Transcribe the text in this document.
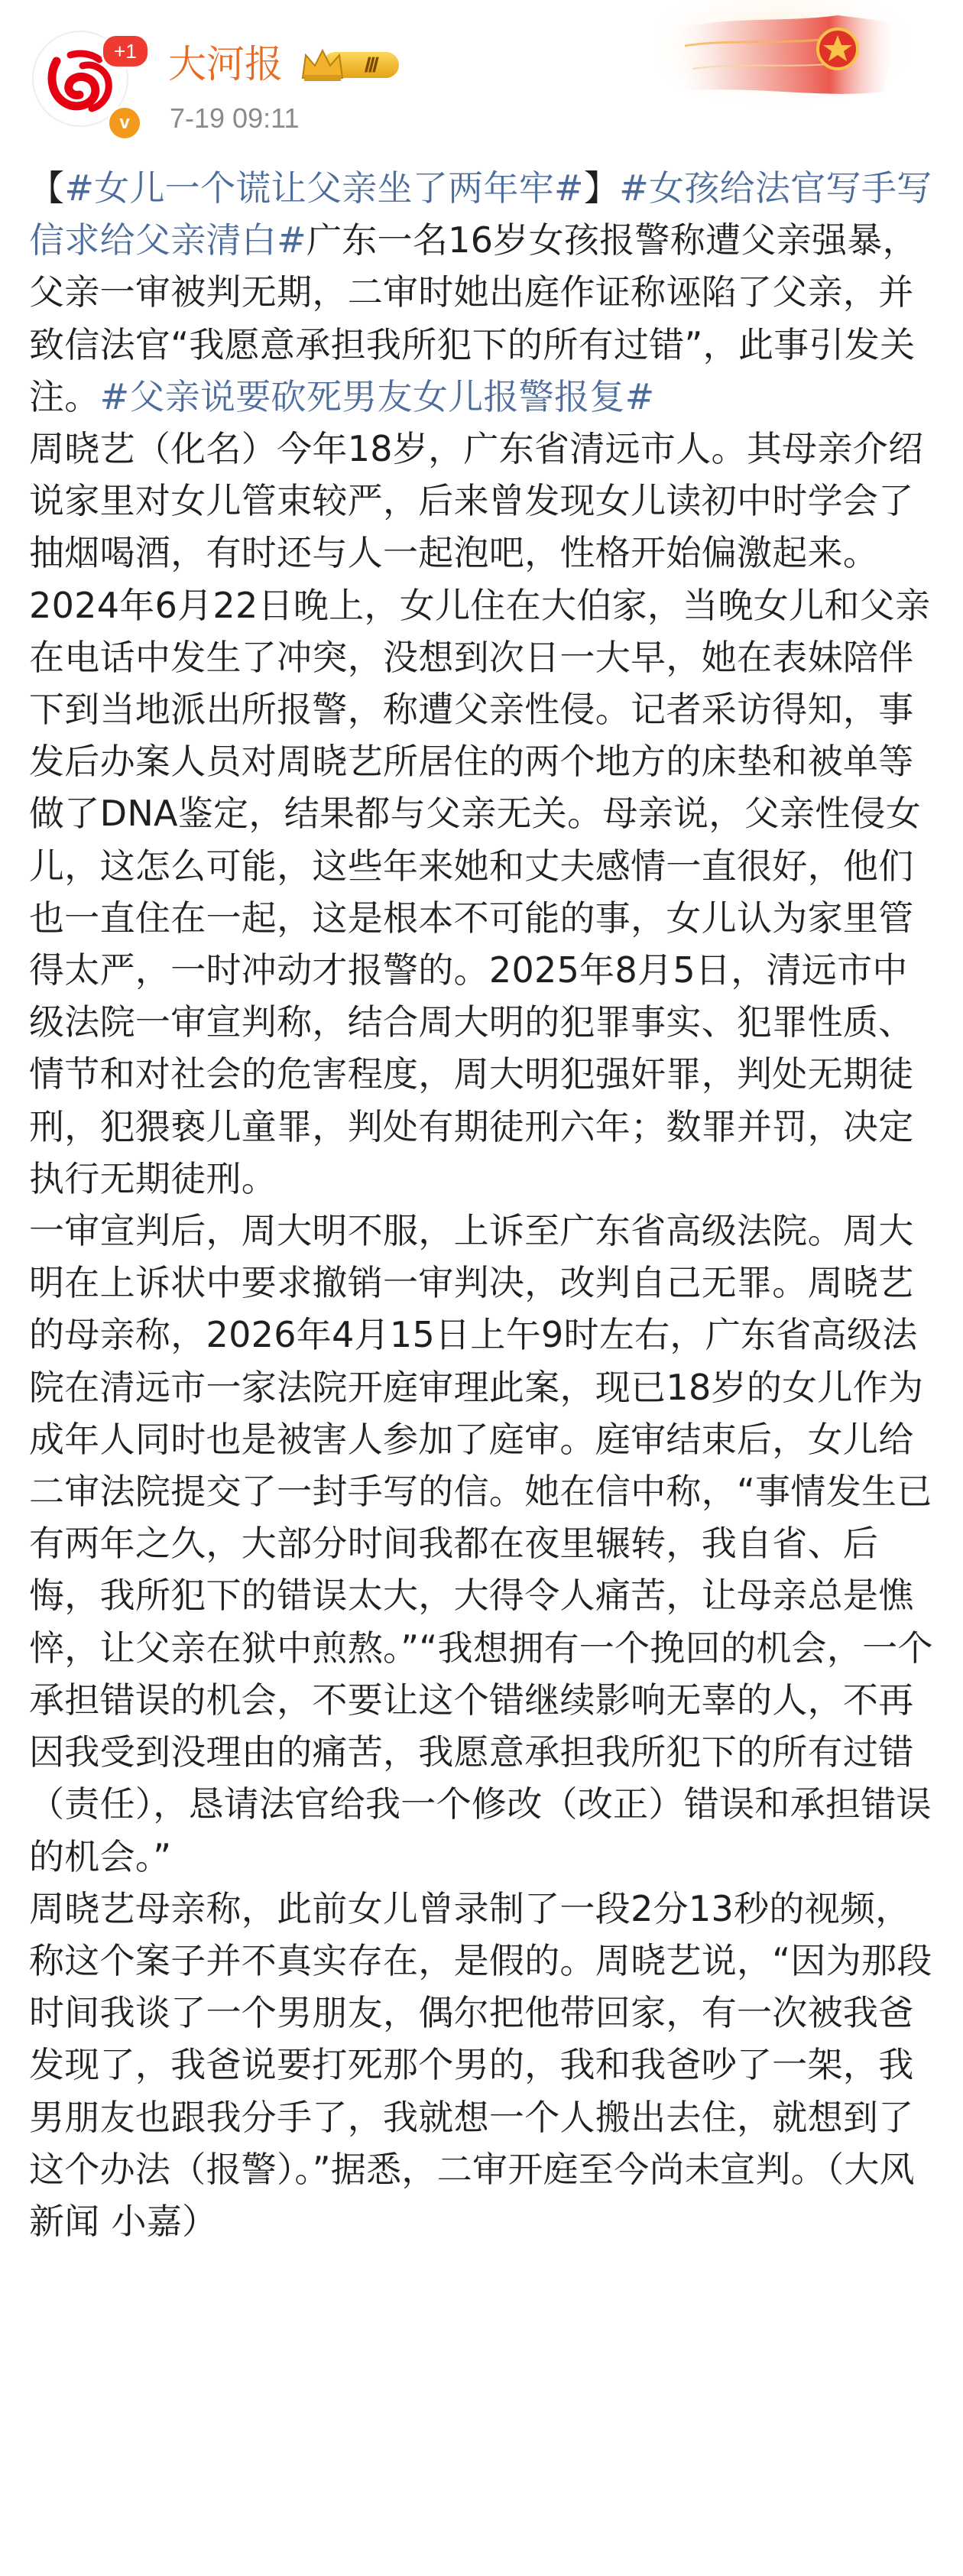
+1
v
大河报	Ⅲ
7-19 09:11

【#女儿一个谎让父亲坐了两年牢#】#女孩给法官写手写信求给父亲清白#广东一名16岁女孩报警称遭父亲强暴，父亲一审被判无期，二审时她出庭作证称诬陷了父亲，并致信法官“我愿意承担我所犯下的所有过错”，此事引发关注。#父亲说要砍死男友女儿报警报复#

周晓艺（化名）今年18岁，广东省清远市人。其母亲介绍说家里对女儿管束较严，后来曾发现女儿读初中时学会了抽烟喝酒，有时还与人一起泡吧，性格开始偏激起来。2024年6月22日晚上，女儿住在大伯家，当晚女儿和父亲在电话中发生了冲突，没想到次日一大早，她在表妹陪伴下到当地派出所报警，称遭父亲性侵。记者采访得知，事发后办案人员对周晓艺所居住的两个地方的床垫和被单等做了DNA鉴定，结果都与父亲无关。母亲说，父亲性侵女儿，这怎么可能，这些年来她和丈夫感情一直很好，他们也一直住在一起，这是根本不可能的事，女儿认为家里管得太严，一时冲动才报警的。2025年8月5日，清远市中级法院一审宣判称，结合周大明的犯罪事实、犯罪性质、情节和对社会的危害程度，周大明犯强奸罪，判处无期徒刑，犯猥亵儿童罪，判处有期徒刑六年；数罪并罚，决定执行无期徒刑。

一审宣判后，周大明不服，上诉至广东省高级法院。周大明在上诉状中要求撤销一审判决，改判自己无罪。周晓艺的母亲称，2026年4月15日上午9时左右，广东省高级法院在清远市一家法院开庭审理此案，现已18岁的女儿作为成年人同时也是被害人参加了庭审。庭审结束后，女儿给二审法院提交了一封手写的信。她在信中称，“事情发生已有两年之久，大部分时间我都在夜里辗转，我自省、后悔，我所犯下的错误太大，大得令人痛苦，让母亲总是憔悴，让父亲在狱中煎熬。”“我想拥有一个挽回的机会，一个承担错误的机会，不要让这个错继续影响无辜的人，不再因我受到没理由的痛苦，我愿意承担我所犯下的所有过错（责任），恳请法官给我一个修改（改正）错误和承担错误的机会。”

周晓艺母亲称，此前女儿曾录制了一段2分13秒的视频，称这个案子并不真实存在，是假的。周晓艺说，“因为那段时间我谈了一个男朋友，偶尔把他带回家，有一次被我爸发现了，我爸说要打死那个男的，我和我爸吵了一架，我男朋友也跟我分手了，我就想一个人搬出去住，就想到了这个办法（报警）。”据悉，二审开庭至今尚未宣判。（大风新闻 小嘉）
